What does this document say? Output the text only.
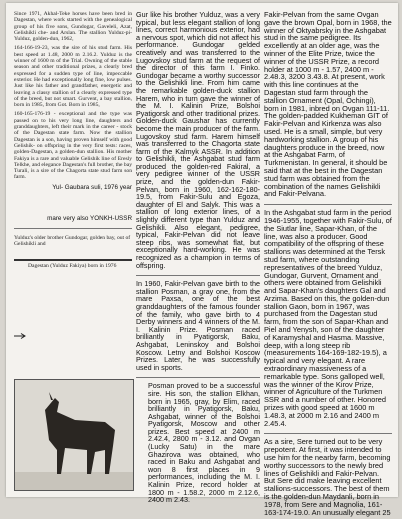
Since 1971, Akhal-Teke horses have been bred in Dagestan, where work started with the genealogical group of his five sons, Gundogar, Gaveleli, Azat, Gelishikli che- and Arslan. The stallion Yulduz-pi- Yulduz, golden-dun, 1962,

164-166-19-23, was the sire of his stud farm. His best speed at 1.48, 2000 m 2.16.2. Yulduz is the winner of 1600 m of the Trial. Owning of the stable season and other traditional prizes, a clearly bred expressed for a sudden type of line, impeccable exterior. He had exceptionally long fine, low pulses. Just like his father and grandfather, energetic and leaving a classy stallion of a clearly expressed type of the breed, but not smart. Gurvent, a bay stallion, born in 1985, from Got. Born in 1985,

160-165-176-19 - exceptional and the type was passed on to his very long line, daughters and granddaughters, left their mark in the career - stock of the Dagestan state farm. Now the stallion Dagestan is a son, having proven himself with good Gelishik- on offspring in the very first tests: races, golden-Dagestan, a golden-dun stallion. His mother Fakiya is a rare and valuable Gelishik line of Eresly Telkhe, and elegance Dagestan's full brother, the bay Turali, is a sire of the Chagorta state stud farm son farm.

Yul- Gaubara suli, 1976 year
mare very also YONKH-USSR

Yulduz's older brother Gundogar, golden bay, out of Gelishikli and

Dagestan (Yulduz Fakiya) born in 1976

Gur like his brother Yulduz, was a very typical, but less elegant stallion of long lines, correct harmonious exterior, had a nervous spot, which did not affect his performance. Gundogar gelded creatively and was transferred to the Lugovskoy stud farm at the request of the director of this farm I. Finko. Gundogar became a worthy successor to the Gelishikli line. From him came the remarkable golden-duck stallion Harem, who in turn gave the winner of the M. I. Kalinin Prize, Bolshoi Pyatigorsk and other traditional prizes. Golden-duck Gaushar has currently become the main producer of the farm. Lugovskoy stud farm. Harem himself was transferred to the Chagorta state farm of the Kalmyk ASSR. In addition to Gelishikli, the Ashgabat stud farm produced the golden-red Fakiral, a very pedigree winner of the USSR prize, and the golden-dun Fakir-Pelvan, born in 1960, 162-162-180-19.5, from Fakir-Sulu and Egoza, daughter of El and Salyk. This was a stallion of long exterior lines, of a slightly different type than Yulduz and Gelishikli. Also elegant, pedigree, typical, Fakir-Pelvan did not leave steep ribs, was somewhat flat, but exceptionally hard-working. He was recognized as a champion in terms of offspring.

In 1960, Fakir-Pelvan gave birth to the stallion Posman, a gray one, from the mare Paxsa, one of the best granddaughters of the famous founder of the family, who gave birth to 4 Derby winners and 4 winners of the M. I. Kalinin Prize. Posman raced brilliantly in Pyatigorsk, Baku, Ashgabat, Leninskoy and Bolshoi Koscow. Letny and Bolshoi Koscow Prizes. Later, he was successfully used in sports.

Posman proved to be a successful sire. His son, the stallion Elkhan, born in 1965, gray, by Elim, raced brilliantly in Pyatigorsk, Baku, Ashgabat, winner of the Bolshoi Pyatigorsk, Moscow and other prizes. Best speed at 2400 m 2.42.4, 2800 m - 3.12. and Ovgan (Lucky Satu) in the mare Ghazirova was obtained, who raced in Baku and Ashgabat and won 8 first places in 9 performances, including the M. I. Kalinin Prize, record holder at 1800 m - 1.58.2, 2000 m 2.12.6, 2400 m 2.43.

Fakir-Pelvan from the same Ovgan gave the brown Opal, born in 1968, the winner of Oktyabrsky in the Ashgabat stud in the same pedigree. Its excellently at an older age, was the winner of the Elite Prize, twice the winner of the USSR Prize, a record holder at 1000 m - 1.57, 2400 m - 2.48.3, 3200 3.43.8. At present, work with this line continues at the Dagestan stud farm through the stallion Ornament (Opal, Ochingi), born in 1981, inbred on Ovgan 111-11. The golden-padded Kukheman GIT of Fakir-Pelvan and Kirkenza was also used. He is a small, simple, but very hardworking stallion. A group of his daughters produce in the breed, now at the Ashgabat Farm, of Turkmenistan. In general, it should be said that at the best in the Dagestan stud farm was obtained from the combination of the names Gelishikli and Fakir-Pelvana.

In the Ashgabat stud farm in the period 1946-1955, together with Fakir-Sulu, of the Siutlar line, Sapar-Khan, of the line, was also a producer. Good compatibility of the offspring of these stallions was determined at the Tersk stud farm, where outstanding representatives of the breed Yulduz, Gundogar, Gurvent, Ornament and others were obtained from Gelishikli and Sapar-Khan's daughters Gal and Arzima. Based on this, the golden-dun stallion Gaon, born in 1967, was purchased from the Dagestan stud farm, from the son of Sapar-Khan and Piel and Yenysh, son of the daughter of Karamyshal and Hasma. Massive, deep, with a long steep rib (measurements 164-169-182-19.5), a typical and very elegant. A rare extraordinary massiveness of a remarkable type. Sons galloped well, was the winner of the Kirov Prize, winner of Agriculture of the Turkmen SSR and a number of other. Honored prizes with good speed at 1600 m 1.48.3, at 2000 m 2.16 and 2400 m 2.45.4.

As a sire, Sere turned out to be very prepotent. At first, it was intended to use him for the nearby farm, becoming worthy successors to the newly bred lines of Gelishikli and Fakir-Pelvan. But Sere did make leaving excellent stallions-successors. The best of them is the golden-dun Maydanli, born in 1978, from Sere and Magnolia, 161-163-174-19.0. An unusually elegant 25
